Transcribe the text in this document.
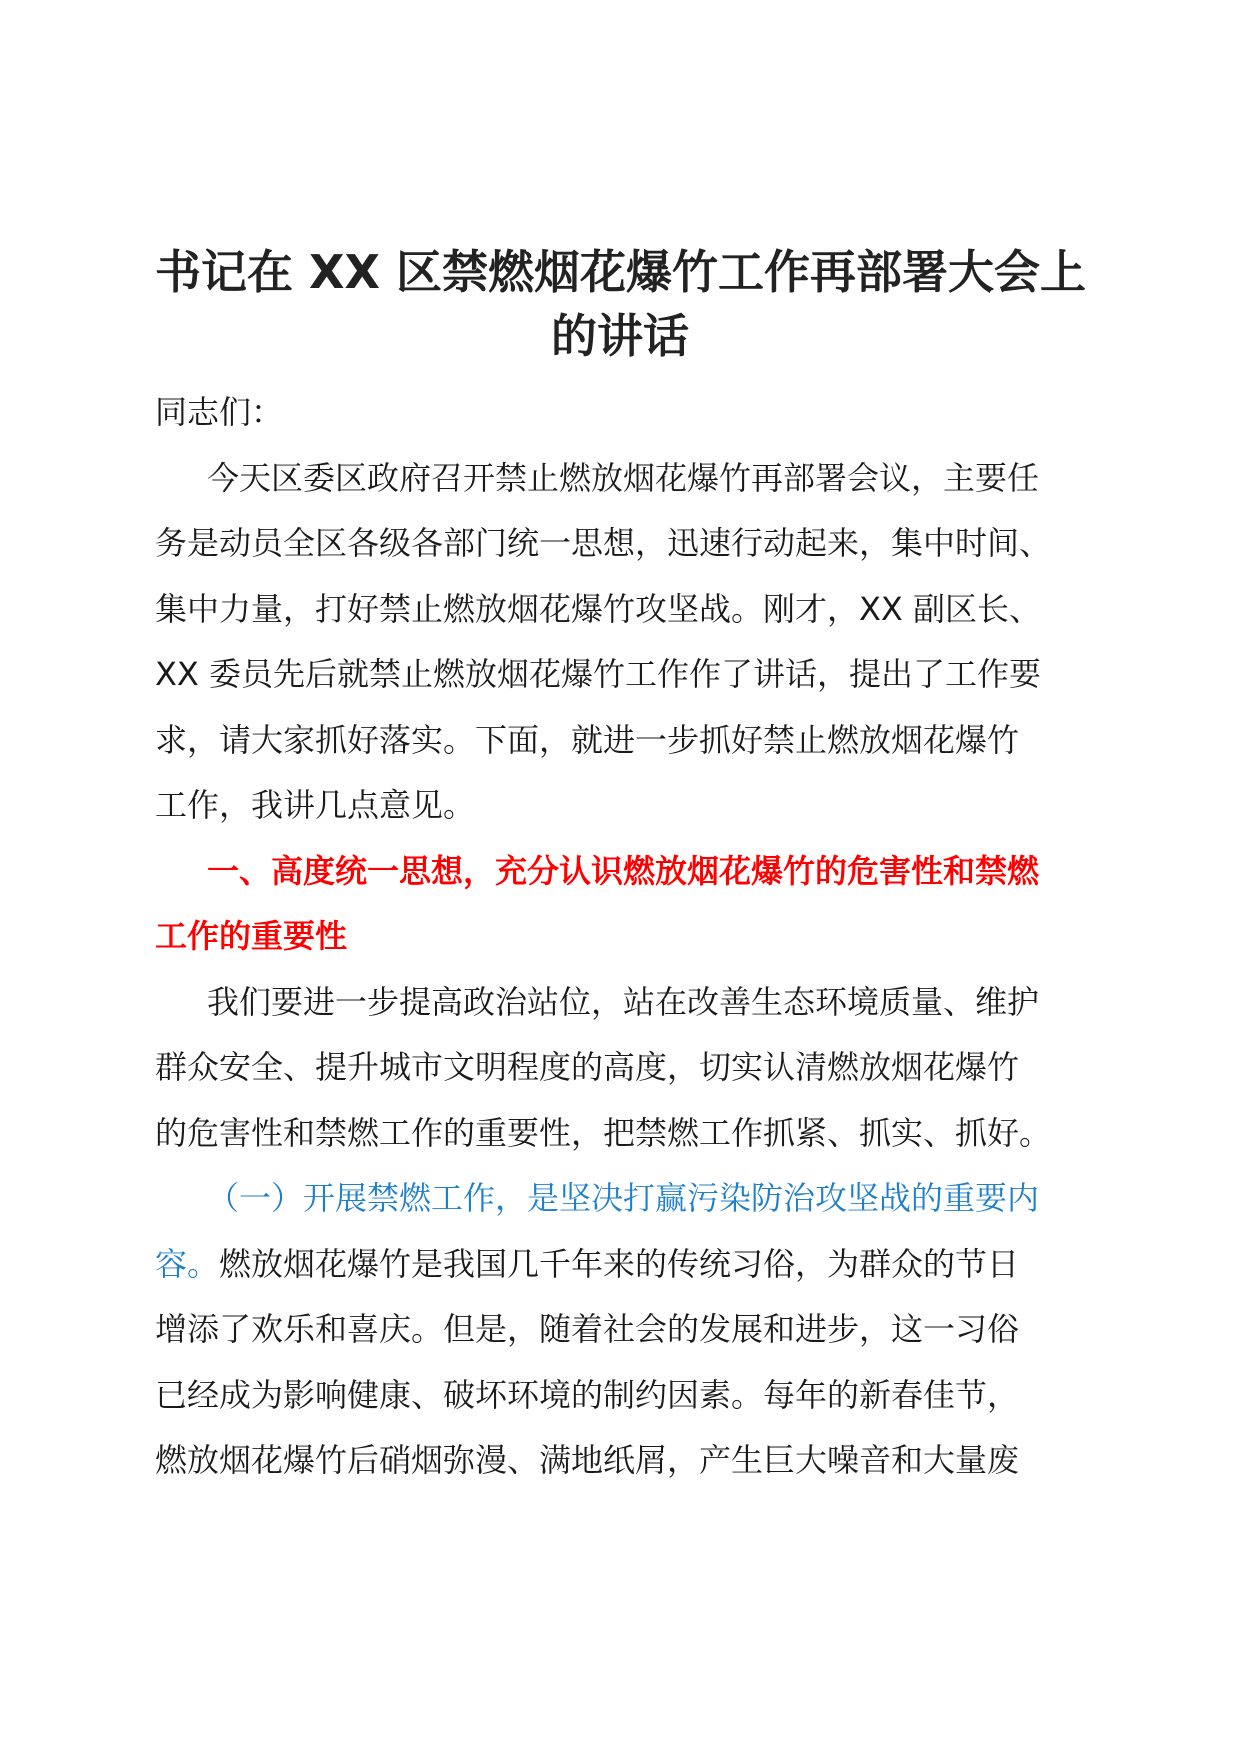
书记在 XX 区禁燃烟花爆竹工作再部署大会上
的讲话
同志们：
今天区委区政府召开禁止燃放烟花爆竹再部署会议，主要任
务是动员全区各级各部门统一思想，迅速行动起来，集中时间、
集中力量，打好禁止燃放烟花爆竹攻坚战。刚才，XX 副区长、
XX 委员先后就禁止燃放烟花爆竹工作作了讲话，提出了工作要
求，请大家抓好落实。下面，就进一步抓好禁止燃放烟花爆竹
工作，我讲几点意见。
一、高度统一思想，充分认识燃放烟花爆竹的危害性和禁燃
工作的重要性
我们要进一步提高政治站位，站在改善生态环境质量、维护
群众安全、提升城市文明程度的高度，切实认清燃放烟花爆竹
的危害性和禁燃工作的重要性，把禁燃工作抓紧、抓实、抓好。
（一）开展禁燃工作，是坚决打赢污染防治攻坚战的重要内
容。燃放烟花爆竹是我国几千年来的传统习俗，为群众的节日
增添了欢乐和喜庆。但是，随着社会的发展和进步，这一习俗
已经成为影响健康、破坏环境的制约因素。每年的新春佳节，
燃放烟花爆竹后硝烟弥漫、满地纸屑，产生巨大噪音和大量废
